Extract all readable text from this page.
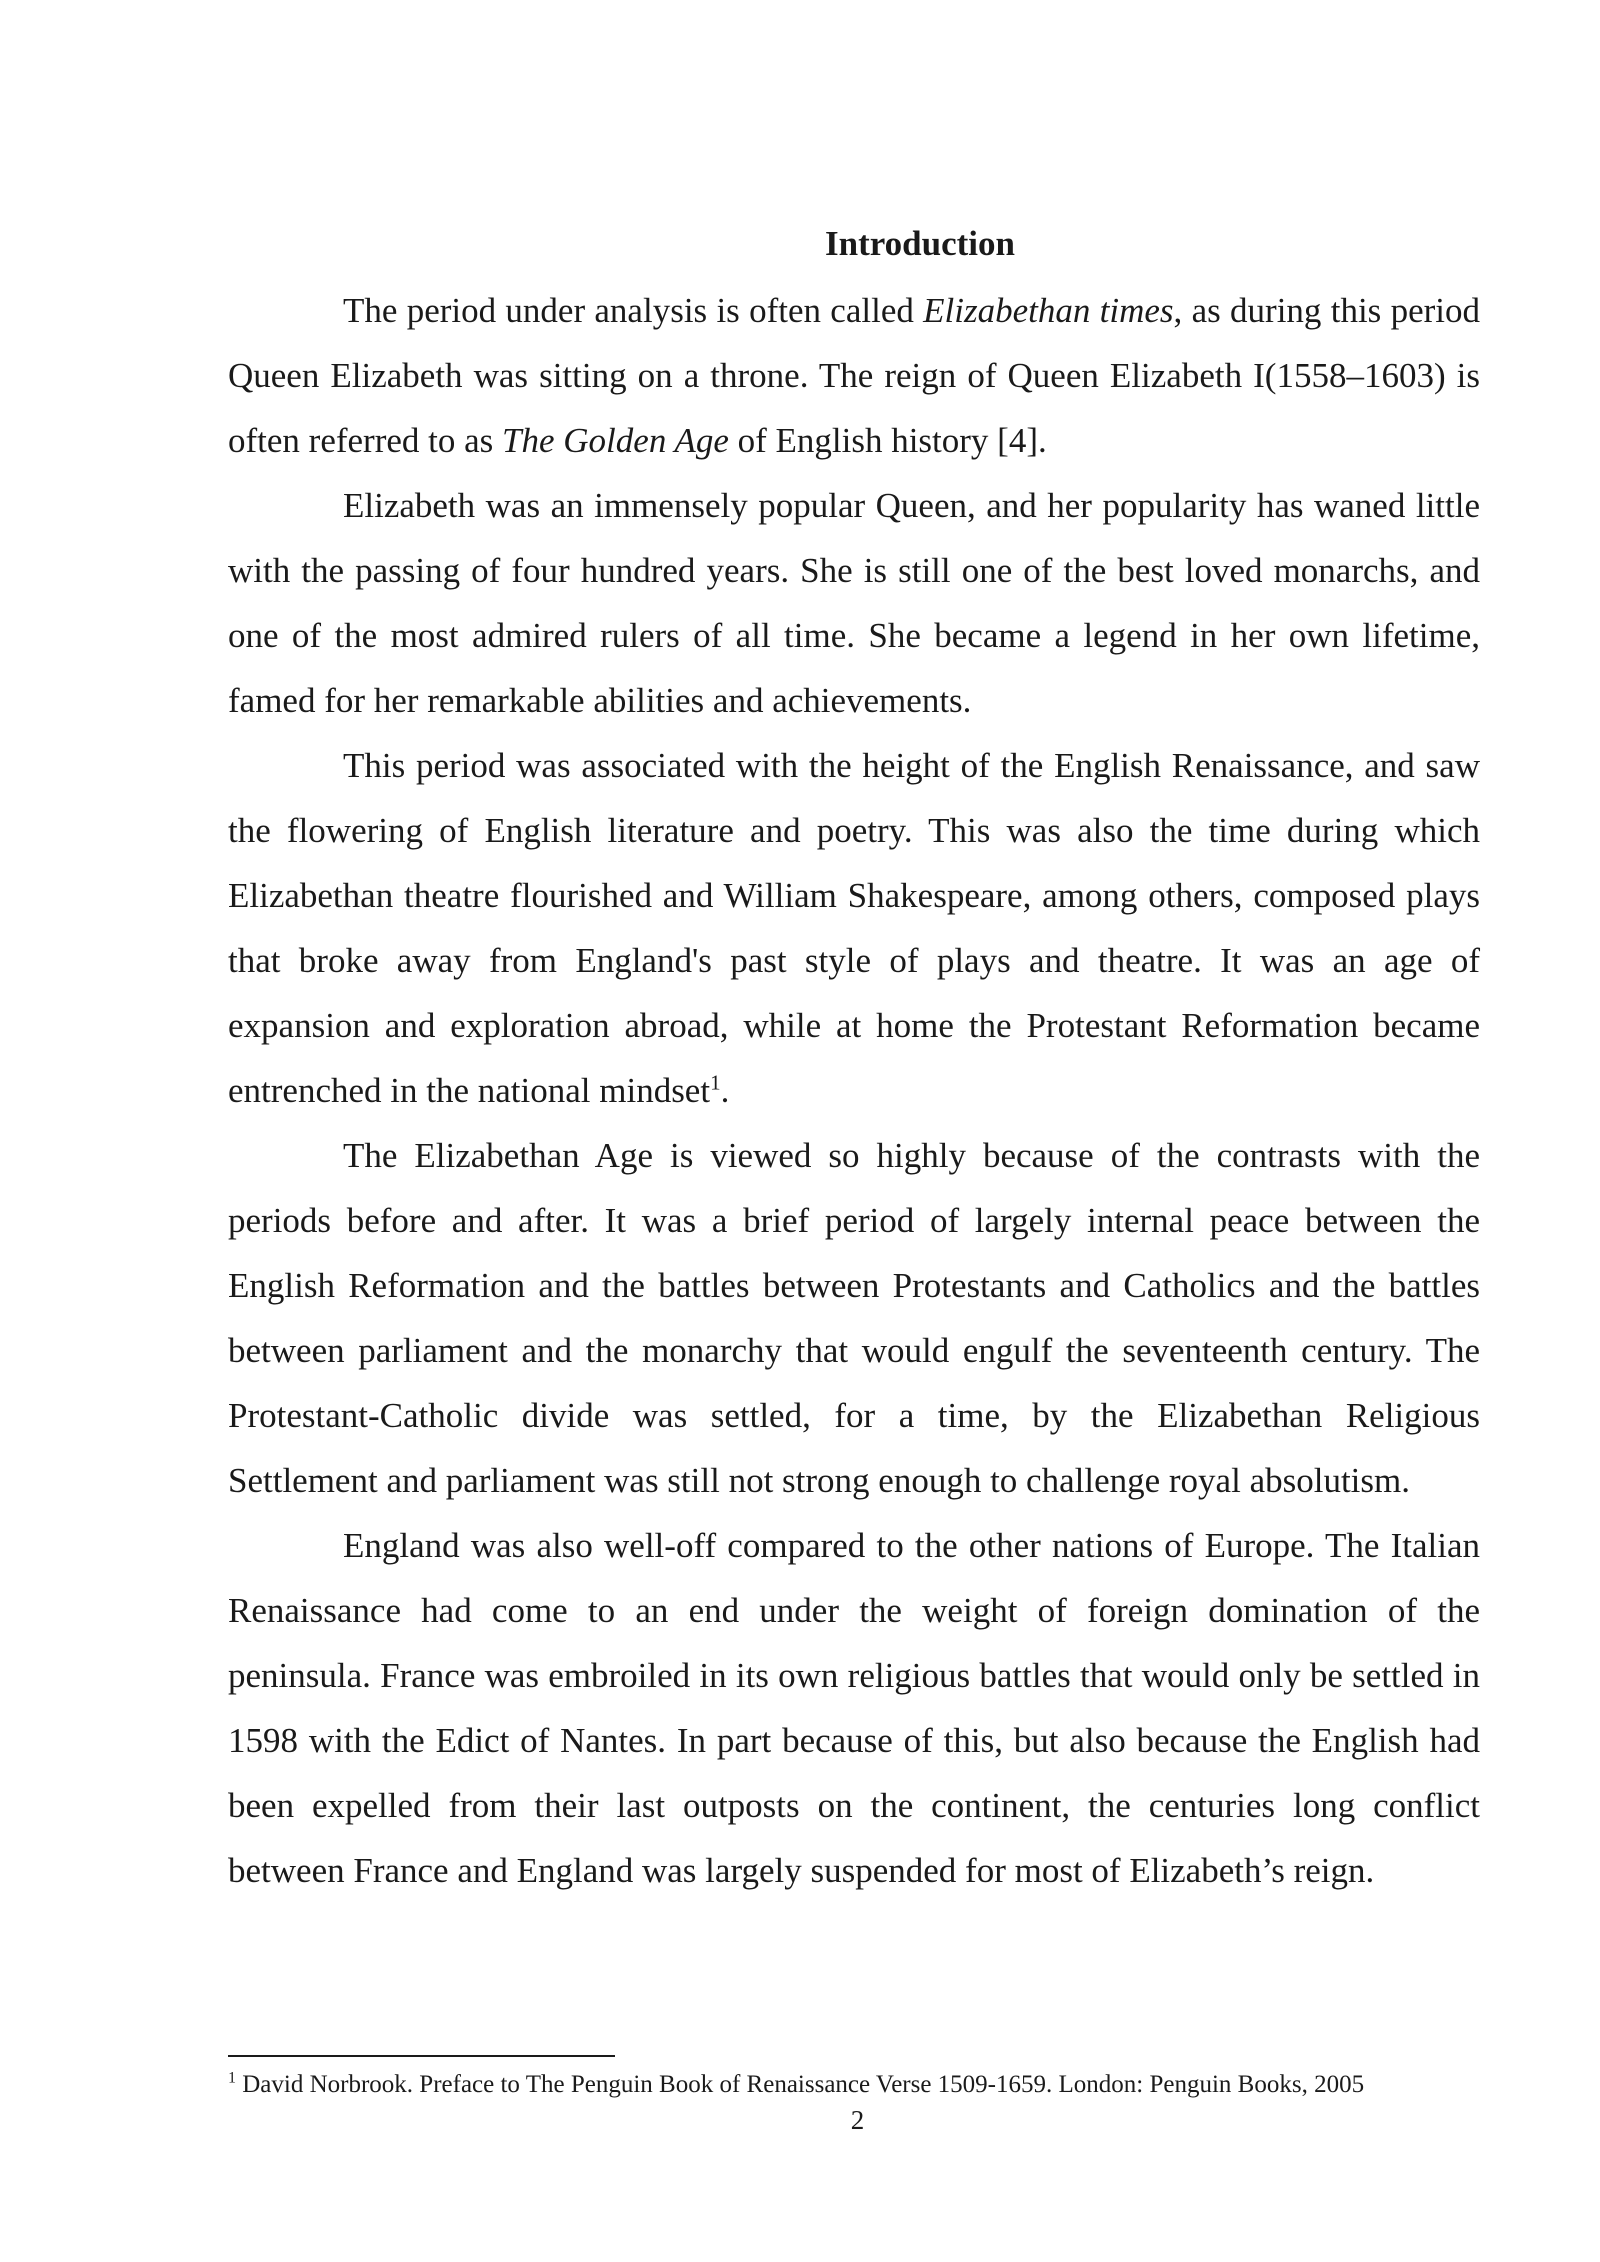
Introduction

The period under analysis is often called Elizabethan times, as during this period Queen Elizabeth was sitting on a throne. The reign of Queen Elizabeth I(1558–1603) is often referred to as The Golden Age of English history [4].

Elizabeth was an immensely popular Queen, and her popularity has waned little with the passing of four hundred years. She is still one of the best loved monarchs, and one of the most admired rulers of all time. She became a legend in her own lifetime, famed for her remarkable abilities and achievements.

This period was associated with the height of the English Renaissance, and saw the flowering of English literature and poetry. This was also the time during which Elizabethan theatre flourished and William Shakespeare, among others, composed plays that broke away from England's past style of plays and theatre. It was an age of expansion and exploration abroad, while at home the Protestant Reformation became entrenched in the national mindset$^1$.

The Elizabethan Age is viewed so highly because of the contrasts with the periods before and after. It was a brief period of largely internal peace between the English Reformation and the battles between Protestants and Catholics and the battles between parliament and the monarchy that would engulf the seventeenth century. The Protestant-Catholic divide was settled, for a time, by the Elizabethan Religious Settlement and parliament was still not strong enough to challenge royal absolutism.

England was also well-off compared to the other nations of Europe. The Italian Renaissance had come to an end under the weight of foreign domination of the peninsula. France was embroiled in its own religious battles that would only be settled in 1598 with the Edict of Nantes. In part because of this, but also because the English had been expelled from their last outposts on the continent, the centuries long conflict between France and England was largely suspended for most of Elizabeth’s reign.

$^1$ David Norbrook. Preface to The Penguin Book of Renaissance Verse 1509-1659. London: Penguin Books, 2005

2
